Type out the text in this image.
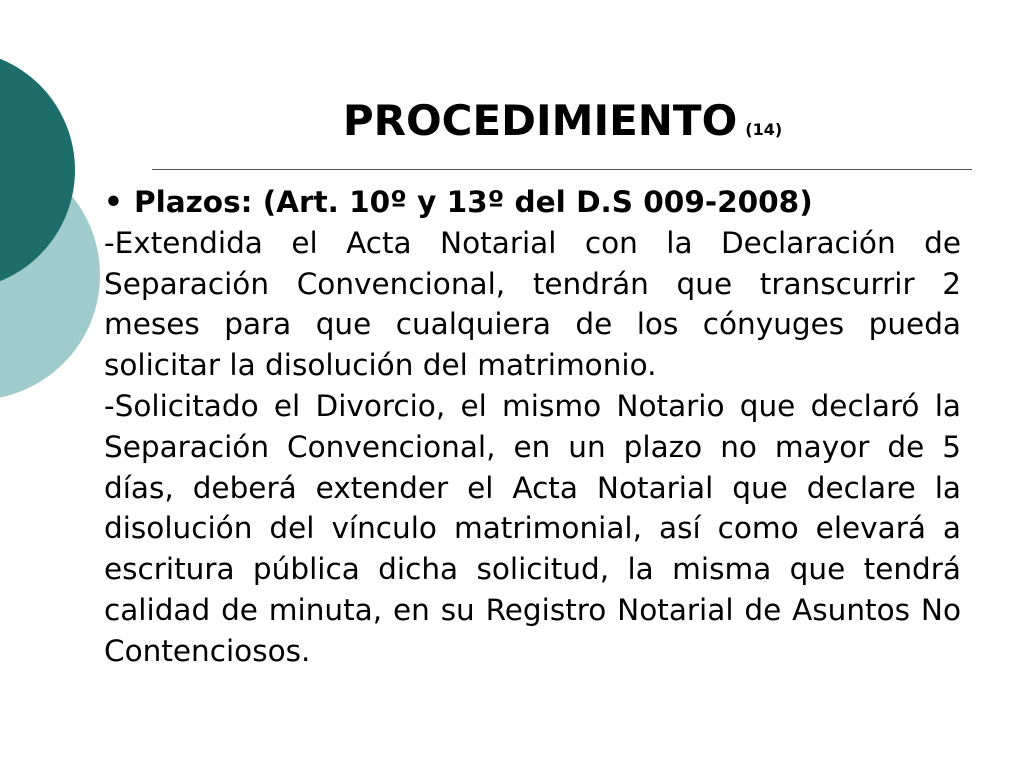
PROCEDIMIENTO (14)

• Plazos: (Art. 10º y 13º del D.S 009-2008)

-Extendida el Acta Notarial con la Declaración de Separación Convencional, tendrán que transcurrir 2 meses para que cualquiera de los cónyuges pueda solicitar la disolución del matrimonio.

-Solicitado el Divorcio, el mismo Notario que declaró la Separación Convencional, en un plazo no mayor de 5 días, deberá extender el Acta Notarial que declare la disolución del vínculo matrimonial, así como elevará a escritura pública dicha solicitud, la misma que tendrá calidad de minuta, en su Registro Notarial de Asuntos No Contenciosos.
